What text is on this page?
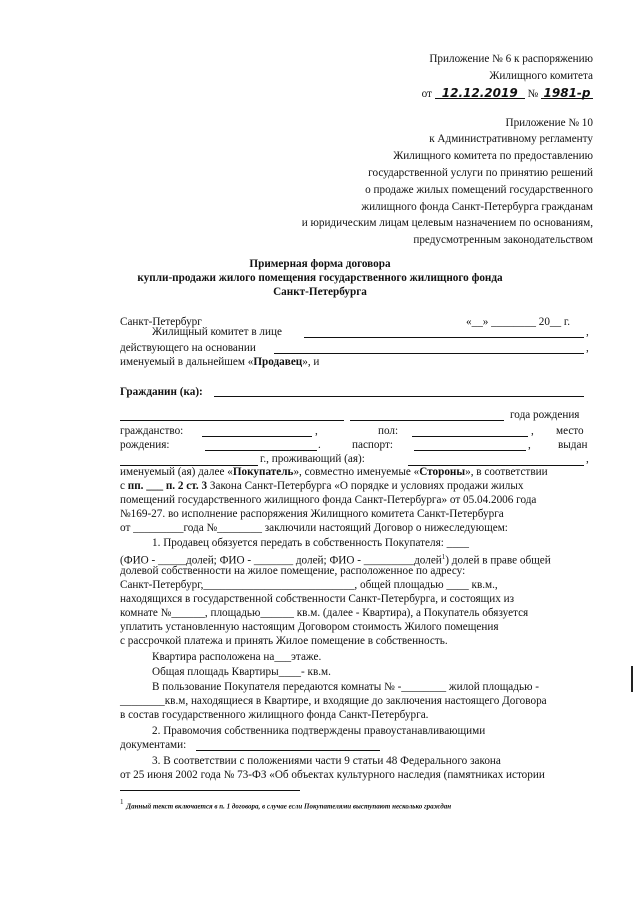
Приложение № 6 к распоряжению
Жилищного комитета
от 12.12.2019 № 1981-р
Приложение № 10
к Административному регламенту
Жилищного комитета по предоставлению
государственной услуги по принятию решений
о продаже жилых помещений государственного
жилищного фонда Санкт-Петербурга гражданам
и юридическим лицам целевым назначением по основаниям,
предусмотренным законодательством
Примерная форма договора
купли-продажи жилого помещения государственного жилищного фонда
Санкт-Петербурга
Санкт-Петербург	«__» ________ 20__ г.
Жилищный комитет в лице	,
действующего на основании	,
именуемый в дальнейшем «Продавец», и
Гражданин (ка):
года рождения
гражданство:	,	пол:	, место
рождения:	.	паспорт:	, выдан
г., проживающий (ая):	,
именуемый (ая) далее «Покупатель», совместно именуемые «Стороны», в соответствии
с пп. ___ п. 2 ст. 3 Закона Санкт-Петербурга «О порядке и условиях продажи жилых
помещений государственного жилищного фонда Санкт-Петербурга» от 05.04.2006 года
№169-27. во исполнение распоряжения Жилищного комитета Санкт-Петербурга
от _________года №________ заключили настоящий Договор о нижеследующем:
1. Продавец обязуется передать в собственность Покупателя: ____
(ФИО - _____долей; ФИО - _______ долей; ФИО - _________долей$^1$) долей в праве общей
долевой собственности на жилое помещение, расположенное по адресу:
Санкт-Петербург,___________________________, общей площадью ____ кв.м.,
находящихся в государственной собственности Санкт-Петербурга, и состоящих из
комнате №______, площадью______ кв.м. (далее - Квартира), а Покупатель обязуется
уплатить установленную настоящим Договором стоимость Жилого помещения
с рассрочкой платежа и принять Жилое помещение в собственность.
Квартира расположена на___этаже.
Общая площадь Квартиры____- кв.м.
В пользование Покупателя передаются комнаты № -________ жилой площадью -
________кв.м, находящиеся в Квартире, и входящие до заключения настоящего Договора
в состав государственного жилищного фонда Санкт-Петербурга.
2. Правомочия собственника подтверждены правоустанавливающими
документами:
3. В соответствии с положениями части 9 статьи 48 Федерального закона
от 25 июня 2002 года № 73-ФЗ «Об объектах культурного наследия (памятниках истории
$^1$ Данный текст включается в п. 1 договора, в случае если Покупателями выступают несколько граждан
